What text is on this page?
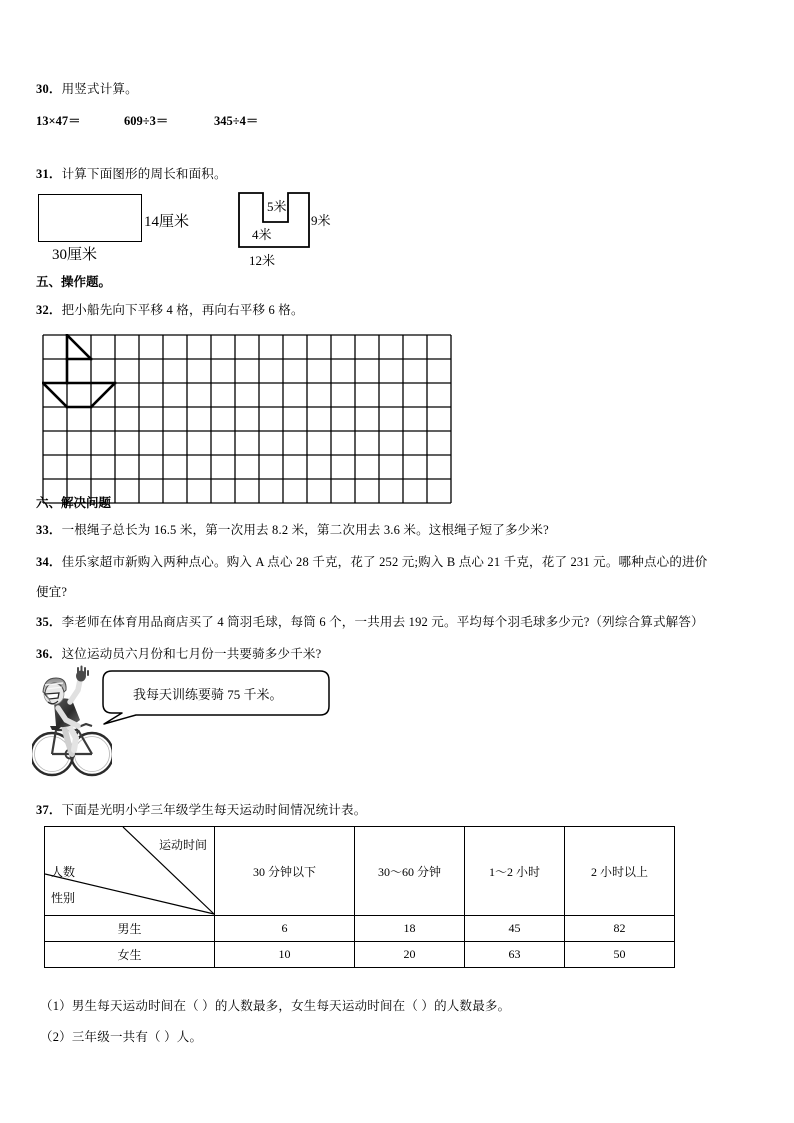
30．用竖式计算。
13×47＝	609÷3＝	345÷4＝
31．计算下面图形的周长和面积。
14厘米
30厘米
5米
4米
9米
12米
五、操作题。
32．把小船先向下平移 4 格，再向右平移 6 格。
六、解决问题
33．一根绳子总长为 16.5 米，第一次用去 8.2 米，第二次用去 3.6 米。这根绳子短了多少米?
34．佳乐家超市新购入两种点心。购入 A 点心 28 千克，花了 252 元;购入 B 点心 21 千克，花了 231 元。哪种点心的进价
便宜?
35．李老师在体育用品商店买了 4 筒羽毛球，每筒 6 个，一共用去 192 元。平均每个羽毛球多少元?（列综合算式解答）
36．这位运动员六月份和七月份一共要骑多少千米?
我每天训练要骑 75 千米。
37．下面是光明小学三年级学生每天运动时间情况统计表。
运动时间
人数
性别	30 分钟以下	30～60 分钟	1～2 小时	2 小时以上
男生	6	18	45	82
女生	10	20	63	50
（1）男生每天运动时间在（ ）的人数最多，女生每天运动时间在（ ）的人数最多。
（2）三年级一共有（ ）人。
